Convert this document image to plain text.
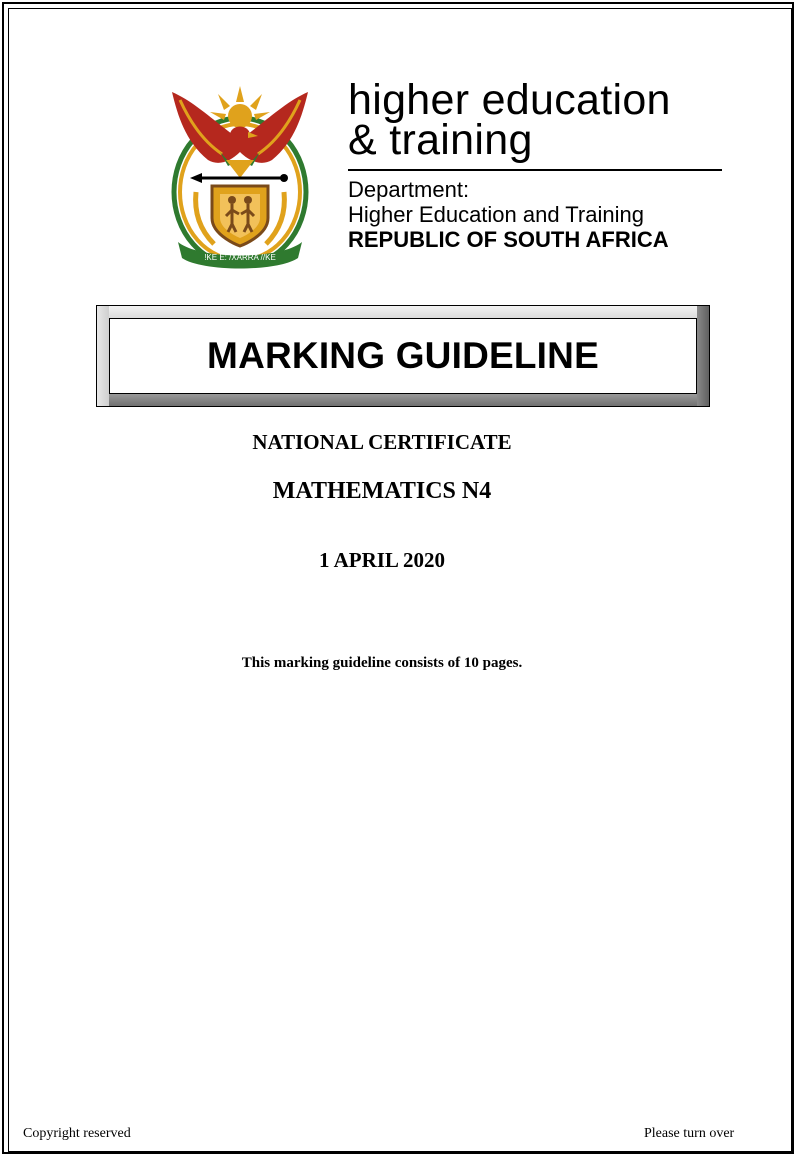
!KE E: /XARRA //KE
higher education
& training
Department:
Higher Education and Training
REPUBLIC OF SOUTH AFRICA
MARKING GUIDELINE
NATIONAL CERTIFICATE
MATHEMATICS N4
1 APRIL 2020
This marking guideline consists of 10 pages.
Copyright reserved	Please turn over
